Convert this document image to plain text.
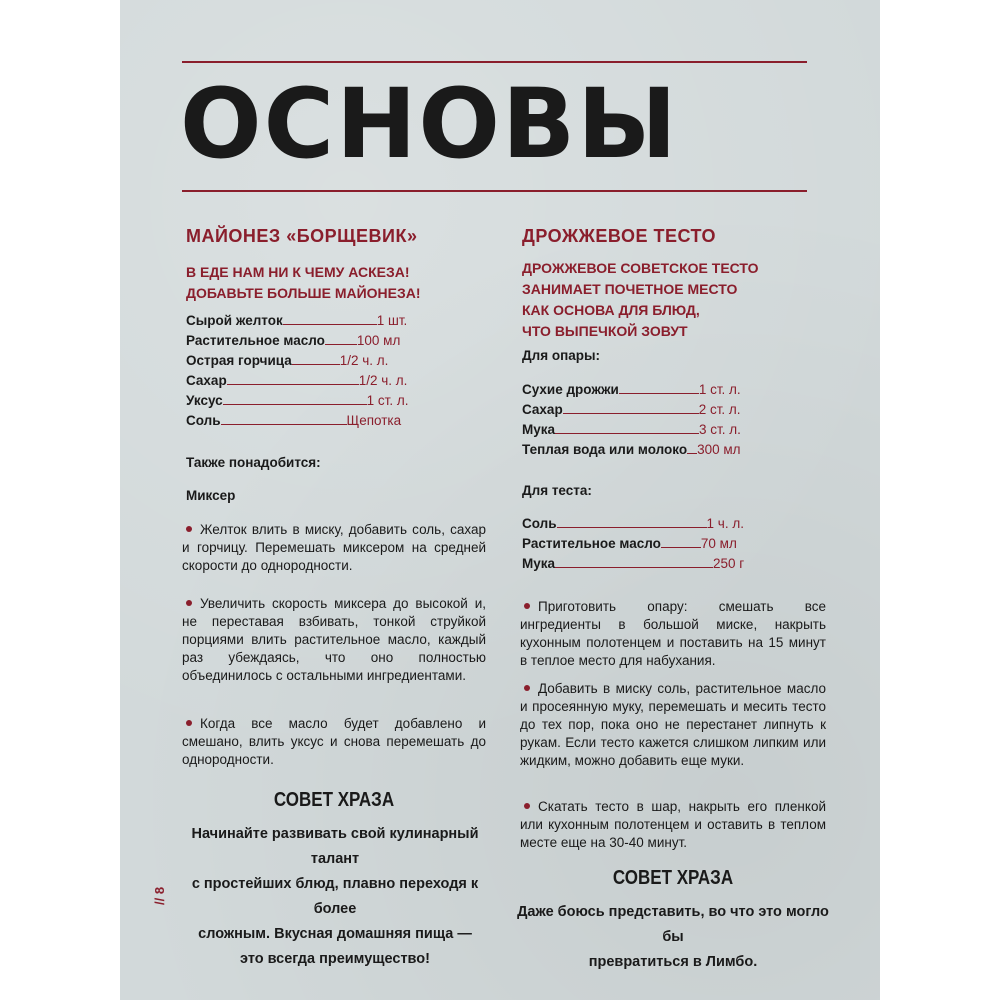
ОСНОВЫ
МАЙОНЕЗ «БОРЩЕВИК»
В ЕДЕ НАМ НИ К ЧЕМУ АСКЕЗА!
ДОБАВЬТЕ БОЛЬШЕ МАЙОНЕЗА!
Сырой желток	1 шт.
Растительное масло 100 мл
Острая горчица	1/2 ч. л.
Сахар	1/2 ч. л.
Уксус	1 ст. л.
Соль	Щепотка
Также понадобится:
Миксер
Желток влить в миску, добавить соль, сахар и горчицу. Перемешать миксером на средней скорости до однородности.
Увеличить скорость миксера до высокой и, не переставая взбивать, тонкой струйкой порциями влить растительное масло, каждый раз убеждаясь, что оно полностью объединилось с остальными ингредиентами.
Когда все масло будет добавлено и смешано, влить уксус и снова перемешать до однородности.
СОВЕТ ХРАЗА
Начинайте развивать свой кулинарный талант
с простейших блюд, плавно переходя к более
сложным. Вкусная домашняя пища —
это всегда преимущество!
ДРОЖЖЕВОЕ ТЕСТО
ДРОЖЖЕВОЕ СОВЕТСКОЕ ТЕСТО
ЗАНИМАЕТ ПОЧЕТНОЕ МЕСТО
КАК ОСНОВА ДЛЯ БЛЮД,
ЧТО ВЫПЕЧКОЙ ЗОВУТ
Для опары:
Сухие дрожжи	1 ст. л.
Сахар	2 ст. л.
Мука	3 ст. л.
Теплая вода или молоко 300 мл
Для теста:
Соль	1 ч. л.
Растительное масло	70 мл
Мука	250 г
Приготовить опару: смешать все ингредиенты в большой миске, накрыть кухонным полотенцем и поставить на 15 минут в теплое место для набухания.
Добавить в миску соль, растительное масло и просеянную муку, перемешать и месить тесто до тех пор, пока оно не перестанет липнуть к рукам. Если тесто кажется слишком липким или жидким, можно добавить еще муки.
Скатать тесто в шар, накрыть его пленкой или кухонным полотенцем и оставить в теплом месте еще на 30-40 минут.
СОВЕТ ХРАЗА
Даже боюсь представить, во что это могло бы
превратиться в Лимбо.
// 8
